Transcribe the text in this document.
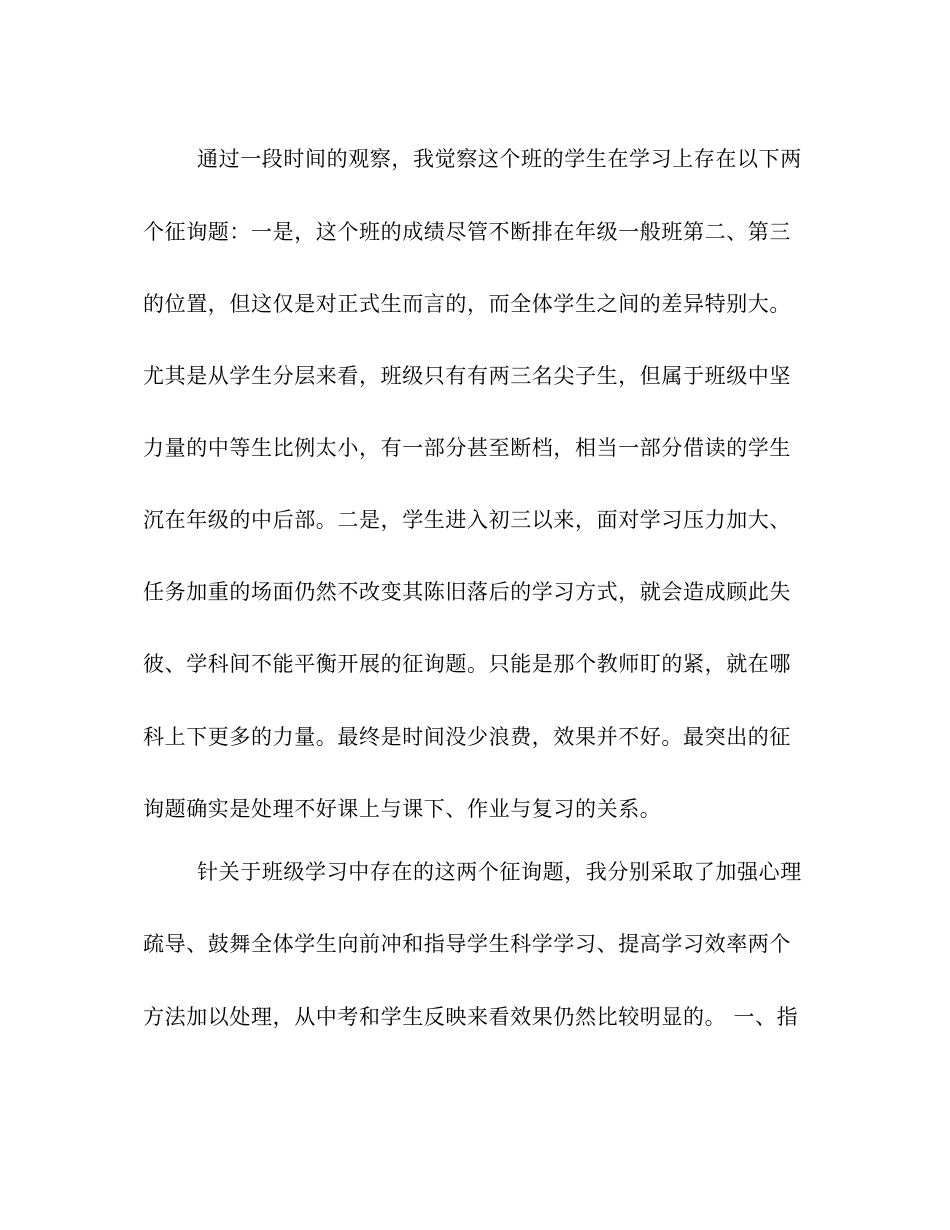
通过一段时间的观察，我觉察这个班的学生在学习上存在以下两
个征询题：一是，这个班的成绩尽管不断排在年级一般班第二、第三
的位置，但这仅是对正式生而言的，而全体学生之间的差异特别大。
尤其是从学生分层来看，班级只有有两三名尖子生，但属于班级中坚
力量的中等生比例太小，有一部分甚至断档，相当一部分借读的学生
沉在年级的中后部。二是，学生进入初三以来，面对学习压力加大、
任务加重的场面仍然不改变其陈旧落后的学习方式，就会造成顾此失
彼、学科间不能平衡开展的征询题。只能是那个教师盯的紧，就在哪
科上下更多的力量。最终是时间没少浪费，效果并不好。最突出的征
询题确实是处理不好课上与课下、作业与复习的关系。
针关于班级学习中存在的这两个征询题，我分别采取了加强心理
疏导、鼓舞全体学生向前冲和指导学生科学学习、提高学习效率两个
方法加以处理，从中考和学生反映来看效果仍然比较明显的。 一、指
